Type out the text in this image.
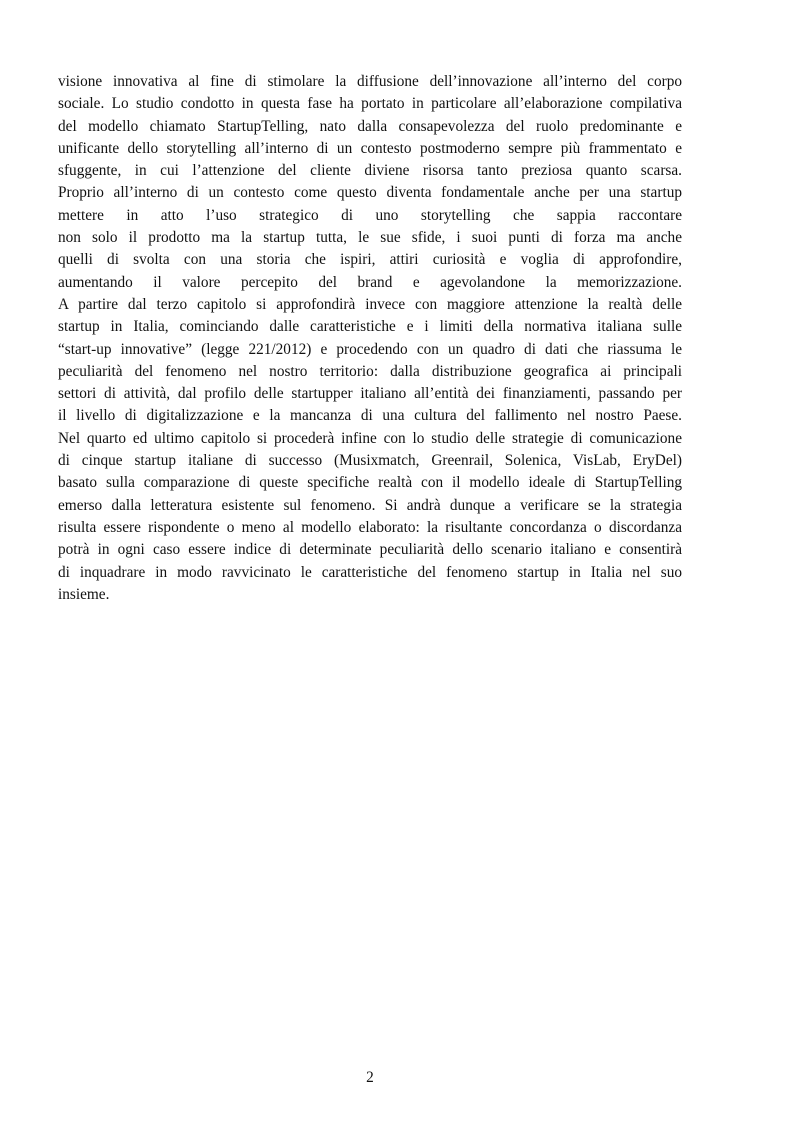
visione innovativa al fine di stimolare la diffusione dell’innovazione all’interno del corpo
sociale. Lo studio condotto in questa fase ha portato in particolare all’elaborazione compilativa
del modello chiamato StartupTelling, nato dalla consapevolezza del ruolo predominante e
unificante dello storytelling all’interno di un contesto postmoderno sempre più frammentato e
sfuggente, in cui l’attenzione del cliente diviene risorsa tanto preziosa quanto scarsa.
Proprio all’interno di un contesto come questo diventa fondamentale anche per una startup
mettere in atto l’uso strategico di uno storytelling che sappia raccontare
non solo il prodotto ma la startup tutta, le sue sfide, i suoi punti di forza ma anche
quelli di svolta con una storia che ispiri, attiri curiosità e voglia di approfondire,
aumentando il valore percepito del brand e agevolandone la memorizzazione.
A partire dal terzo capitolo si approfondirà invece con maggiore attenzione la realtà delle
startup in Italia, cominciando dalle caratteristiche e i limiti della normativa italiana sulle
“start-up innovative” (legge 221/2012) e procedendo con un quadro di dati che riassuma le
peculiarità del fenomeno nel nostro territorio: dalla distribuzione geografica ai principali
settori di attività, dal profilo delle startupper italiano all’entità dei finanziamenti, passando per
il livello di digitalizzazione e la mancanza di una cultura del fallimento nel nostro Paese.
Nel quarto ed ultimo capitolo si procederà infine con lo studio delle strategie di comunicazione
di cinque startup italiane di successo (Musixmatch, Greenrail, Solenica, VisLab, EryDel)
basato sulla comparazione di queste specifiche realtà con il modello ideale di StartupTelling
emerso dalla letteratura esistente sul fenomeno. Si andrà dunque a verificare se la strategia
risulta essere rispondente o meno al modello elaborato: la risultante concordanza o discordanza
potrà in ogni caso essere indice di determinate peculiarità dello scenario italiano e consentirà
di inquadrare in modo ravvicinato le caratteristiche del fenomeno startup in Italia nel suo
insieme.
2
